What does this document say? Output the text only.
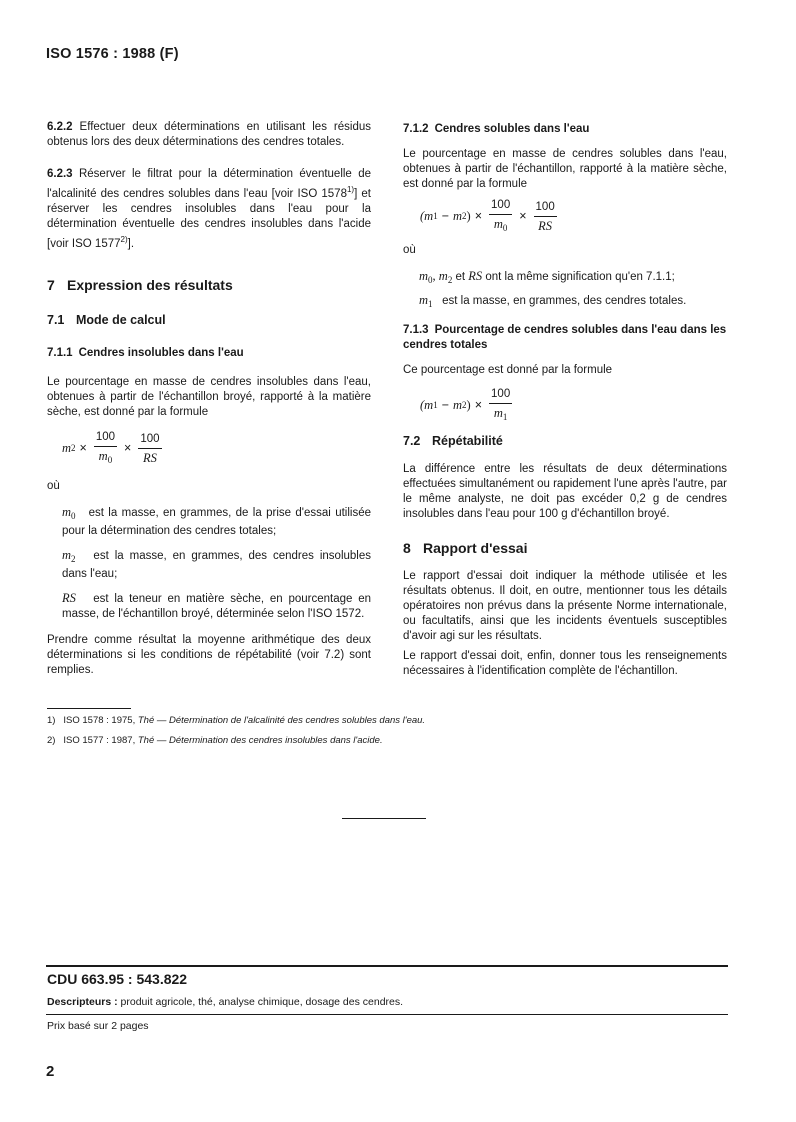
ISO 1576 : 1988 (F)

6.2.2 Effectuer deux déterminations en utilisant les résidus obtenus lors des deux déterminations des cendres totales.

6.2.3 Réserver le filtrat pour la détermination éventuelle de l'alcalinité des cendres solubles dans l'eau [voir ISO 1578$^{1)}$] et réserver les cendres insolubles dans l'eau pour la détermination éventuelle des cendres insolubles dans l'acide [voir ISO 1577$^{2)}$].

7 Expression des résultats
7.1 Mode de calcul
7.1.1 Cendres insolubles dans l'eau

Le pourcentage en masse de cendres insolubles dans l'eau, obtenues à partir de l'échantillon broyé, rapporté à la matière sèche, est donné par la formule

m $2 \times \frac{100}{m_0} \times \frac{100}{RS}$
où

$m_0$ est la masse, en grammes, de la prise d'essai utilisée pour la détermination des cendres totales;

$m_2$ est la masse, en grammes, des cendres insolubles dans l'eau;

RS est la teneur en matière sèche, en pourcentage en masse, de l'échantillon broyé, déterminée selon l'ISO 1572.

Prendre comme résultat la moyenne arithmétique des deux déterminations si les conditions de répétabilité (voir 7.2) sont remplies.

7.1.2 Cendres solubles dans l'eau

Le pourcentage en masse de cendres solubles dans l'eau, obtenues à partir de l'échantillon, rapporté à la matière sèche, est donné par la formule

(m 1 − m 2 ) × $\frac{100}{m_0} \times \frac{100}{RS}$
où

$m_0$, $m_2$ et RS ont la même signification qu'en 7.1.1;

$m_1$ est la masse, en grammes, des cendres totales.

7.1.3 Pourcentage de cendres solubles dans l'eau dans les cendres totales

Ce pourcentage est donné par la formule

(m 1 − m 2 ) × $\frac{100}{m_1}$
7.2 Répétabilité

La différence entre les résultats de deux déterminations effectuées simultanément ou rapidement l'une après l'autre, par le même analyste, ne doit pas excéder 0,2 g de cendres insolubles dans l'eau pour 100 g d'échantillon broyé.

8 Rapport d'essai

Le rapport d'essai doit indiquer la méthode utilisée et les résultats obtenus. Il doit, en outre, mentionner tous les détails opératoires non prévus dans la présente Norme internationale, ou facultatifs, ainsi que les incidents éventuels susceptibles d'avoir agi sur les résultats.

Le rapport d'essai doit, enfin, donner tous les renseignements nécessaires à l'identification complète de l'échantillon.

1) ISO 1578 : 1975, Thé — Détermination de l'alcalinité des cendres solubles dans l'eau.
2) ISO 1577 : 1987, Thé — Détermination des cendres insolubles dans l'acide.
CDU 663.95 : 543.822
Descripteurs : produit agricole, thé, analyse chimique, dosage des cendres.
Prix basé sur 2 pages
2
